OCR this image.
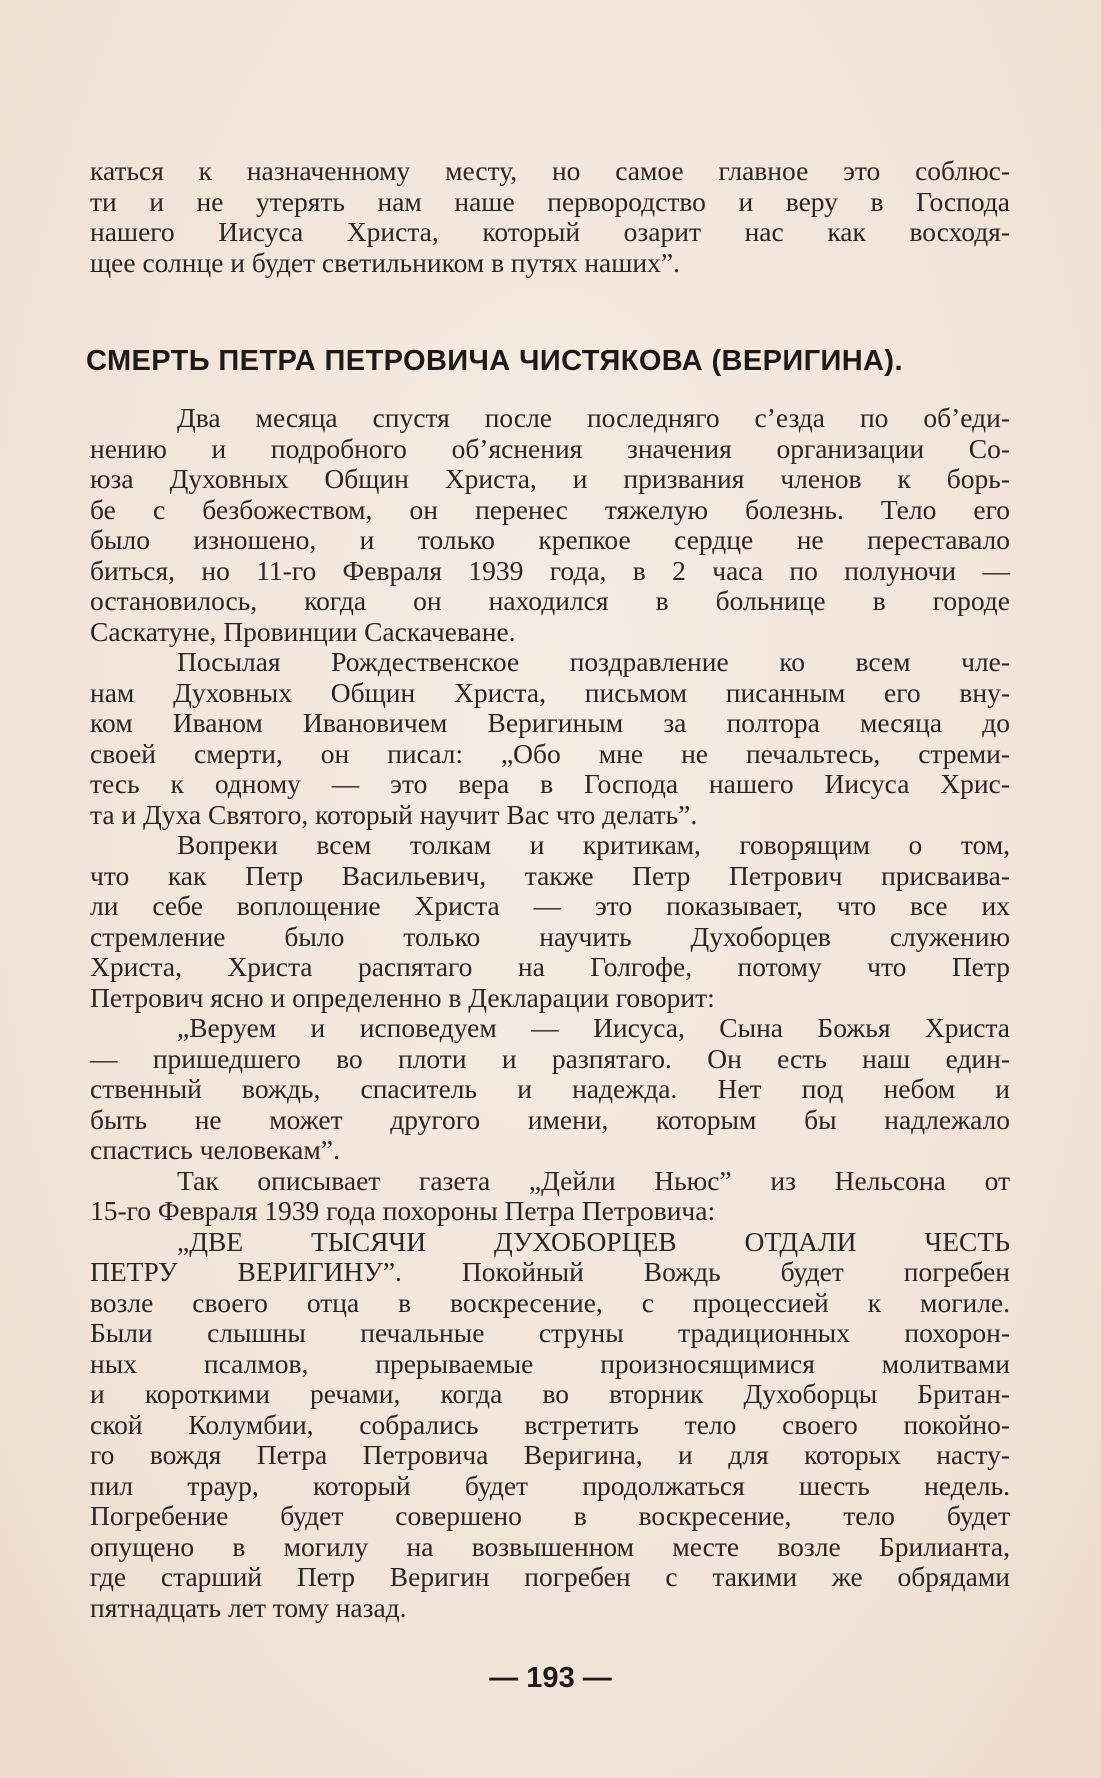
каться к назначенному месту, но самое главное это соблюс-
ти и не утерять нам наше первородство и веру в Господа
нашего Иисуса Христа, который озарит нас как восходя-
щее солнце и будет светильником в путях наших”.
СМЕРТЬ ПЕТРА ПЕТРОВИЧА ЧИСТЯКОВА (ВЕРИГИНА).
Два месяца спустя после последняго с’езда по об’еди-
нению и подробного об’яснения значения организации Со-
юза Духовных Общин Христа, и призвания членов к борь-
бе с безбожеством, он перенес тяжелую болезнь. Тело его
было изношено, и только крепкое сердце не переставало
биться, но 11-го Февраля 1939 года, в 2 часа по полуночи —
остановилось, когда он находился в больнице в городе
Саскатуне, Провинции Саскачеване.
Посылая Рождественское поздравление ко всем чле-
нам Духовных Общин Христа, письмом писанным его вну-
ком Иваном Ивановичем Веригиным за полтора месяца до
своей смерти, он писал: „Обо мне не печальтесь, стреми-
тесь к одному — это вера в Господа нашего Иисуса Хрис-
та и Духа Святого, который научит Вас что делать”.
Вопреки всем толкам и критикам, говорящим о том,
что как Петр Васильевич, также Петр Петрович присваива-
ли себе воплощение Христа — это показывает, что все их
стремление было только научить Духоборцев служению
Христа, Христа распятаго на Голгофе, потому что Петр
Петрович ясно и определенно в Декларации говорит:
„Веруем и исповедуем — Иисуса, Сына Божья Христа
— пришедшего во плоти и разпятаго. Он есть наш един-
ственный вождь, спаситель и надежда. Нет под небом и
быть не может другого имени, которым бы надлежало
спастись человекам”.
Так описывает газета „Дейли Ньюс” из Нельсона от
15-го Февраля 1939 года похороны Петра Петровича:
„ДВЕ ТЫСЯЧИ ДУХОБОРЦЕВ ОТДАЛИ ЧЕСТЬ
ПЕТРУ ВЕРИГИНУ”. Покойный Вождь будет погребен
возле своего отца в воскресение, с процессией к могиле.
Были слышны печальные струны традиционных похорон-
ных псалмов, прерываемые произносящимися молитвами
и короткими речами, когда во вторник Духоборцы Британ-
ской Колумбии, собрались встретить тело своего покойно-
го вождя Петра Петровича Веригина, и для которых насту-
пил траур, который будет продолжаться шесть недель.
Погребение будет совершено в воскресение, тело будет
опущено в могилу на возвышенном месте возле Брилианта,
где старший Петр Веригин погребен с такими же обрядами
пятнадцать лет тому назад.
— 193 —
